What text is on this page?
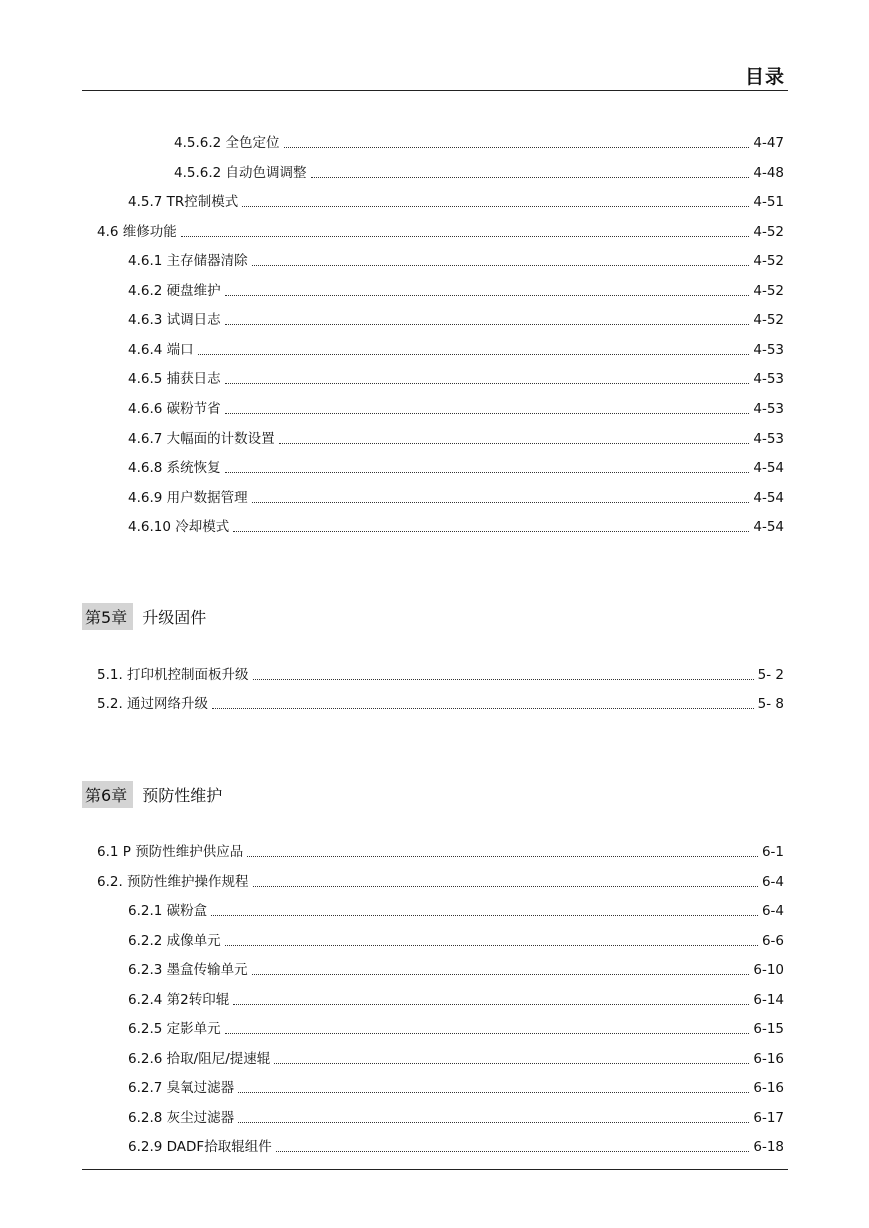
目录
4.5.6.2 全色定位	4-47
4.5.6.2 自动色调调整	4-48
4.5.7 TR控制模式	4-51
4.6 维修功能	4-52
4.6.1 主存储器清除	4-52
4.6.2 硬盘维护	4-52
4.6.3 试调日志	4-52
4.6.4 端口	4-53
4.6.5 捕获日志	4-53
4.6.6 碳粉节省	4-53
4.6.7 大幅面的计数设置	4-53
4.6.8 系统恢复	4-54
4.6.9 用户数据管理	4-54
4.6.10 冷却模式	4-54
第5章 升级固件
5.1. 打印机控制面板升级	5- 2
5.2. 通过网络升级	5- 8
第6章 预防性维护
6.1 P 预防性维护供应品	6-1
6.2. 预防性维护操作规程	6-4
6.2.1 碳粉盒	6-4
6.2.2 成像单元	6-6
6.2.3 墨盒传输单元	6-10
6.2.4 第2转印辊	6-14
6.2.5 定影单元	6-15
6.2.6 拾取/阻尼/提速辊	6-16
6.2.7 臭氧过滤器	6-16
6.2.8 灰尘过滤器	6-17
6.2.9 DADF拾取辊组件	6-18
